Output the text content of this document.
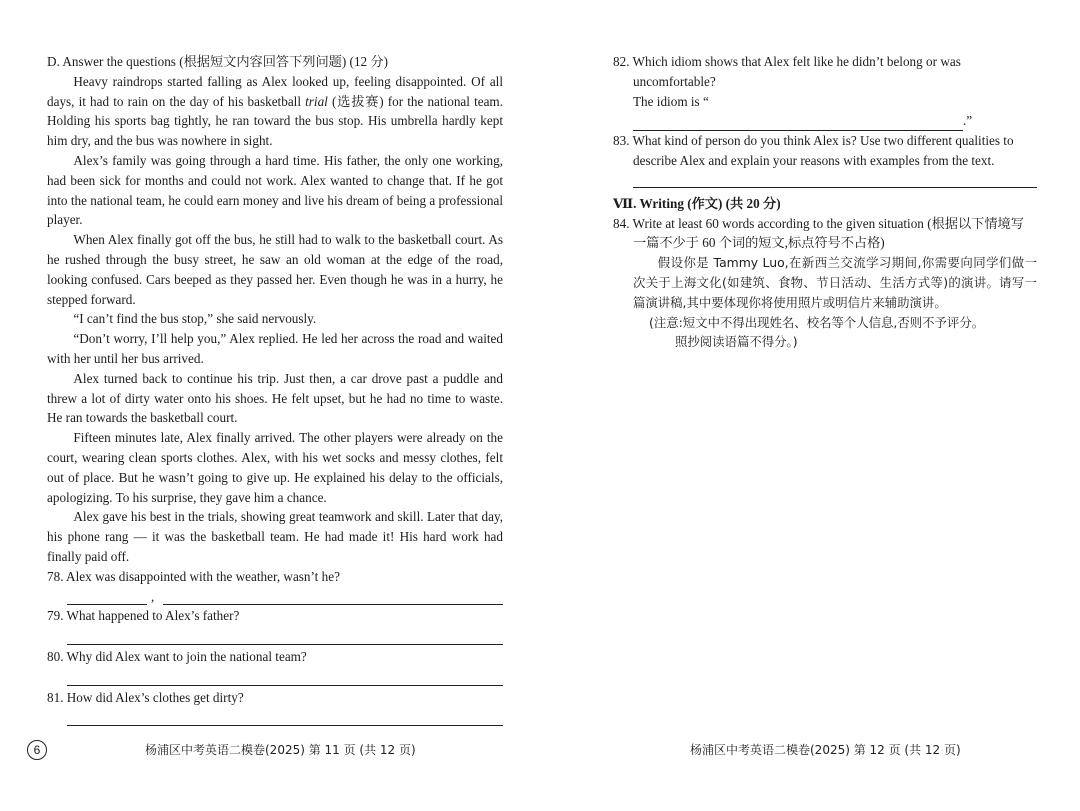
D. Answer the questions (根据短文内容回答下列问题) (12 分)
Heavy raindrops started falling as Alex looked up, feeling disappointed. Of all days, it had to rain on the day of his basketball trial (选拔赛) for the national team. Holding his sports bag tightly, he ran toward the bus stop. His umbrella hardly kept him dry, and the bus was nowhere in sight.
Alex’s family was going through a hard time. His father, the only one working, had been sick for months and could not work. Alex wanted to change that. If he got into the national team, he could earn money and live his dream of being a professional player.
When Alex finally got off the bus, he still had to walk to the basketball court. As he rushed through the busy street, he saw an old woman at the edge of the road, looking confused. Cars beeped as they passed her. Even though he was in a hurry, he stepped forward.
“I can’t find the bus stop,” she said nervously.
“Don’t worry, I’ll help you,” Alex replied. He led her across the road and waited with her until her bus arrived.
Alex turned back to continue his trip. Just then, a car drove past a puddle and threw a lot of dirty water onto his shoes. He felt upset, but he had no time to waste. He ran towards the basketball court.
Fifteen minutes late, Alex finally arrived. The other players were already on the court, wearing clean sports clothes. Alex, with his wet socks and messy clothes, felt out of place. But he wasn’t going to give up. He explained his delay to the officials, apologizing. To his surprise, they gave him a chance.
Alex gave his best in the trials, showing great teamwork and skill. Later that day, his phone rang — it was the basketball team. He had made it! His hard work had finally paid off.
78. Alex was disappointed with the weather, wasn’t he?
,
79. What happened to Alex’s father?
80. Why did Alex want to join the national team?
81. How did Alex’s clothes get dirty?
6	杨浦区中考英语二模卷(2025) 第 11 页 (共 12 页)
82. Which idiom shows that Alex felt like he didn’t belong or was uncomfortable?
The idiom is “.”
83. What kind of person do you think Alex is? Use two different qualities to describe Alex and explain your reasons with examples from the text.
Ⅶ. Writing (作文) (共 20 分)
84. Write at least 60 words according to the given situation (根据以下情境写一篇不少于 60 个词的短文,标点符号不占格)
假设你是 Tammy Luo,在新西兰交流学习期间,你需要向同学们做一次关于上海文化(如建筑、食物、节日活动、生活方式等)的演讲。请写一篇演讲稿,其中要体现你将使用照片或明信片来辅助演讲。
(注意:短文中不得出现姓名、校名等个人信息,否则不予评分。
照抄阅读语篇不得分。)
杨浦区中考英语二模卷(2025) 第 12 页 (共 12 页)
